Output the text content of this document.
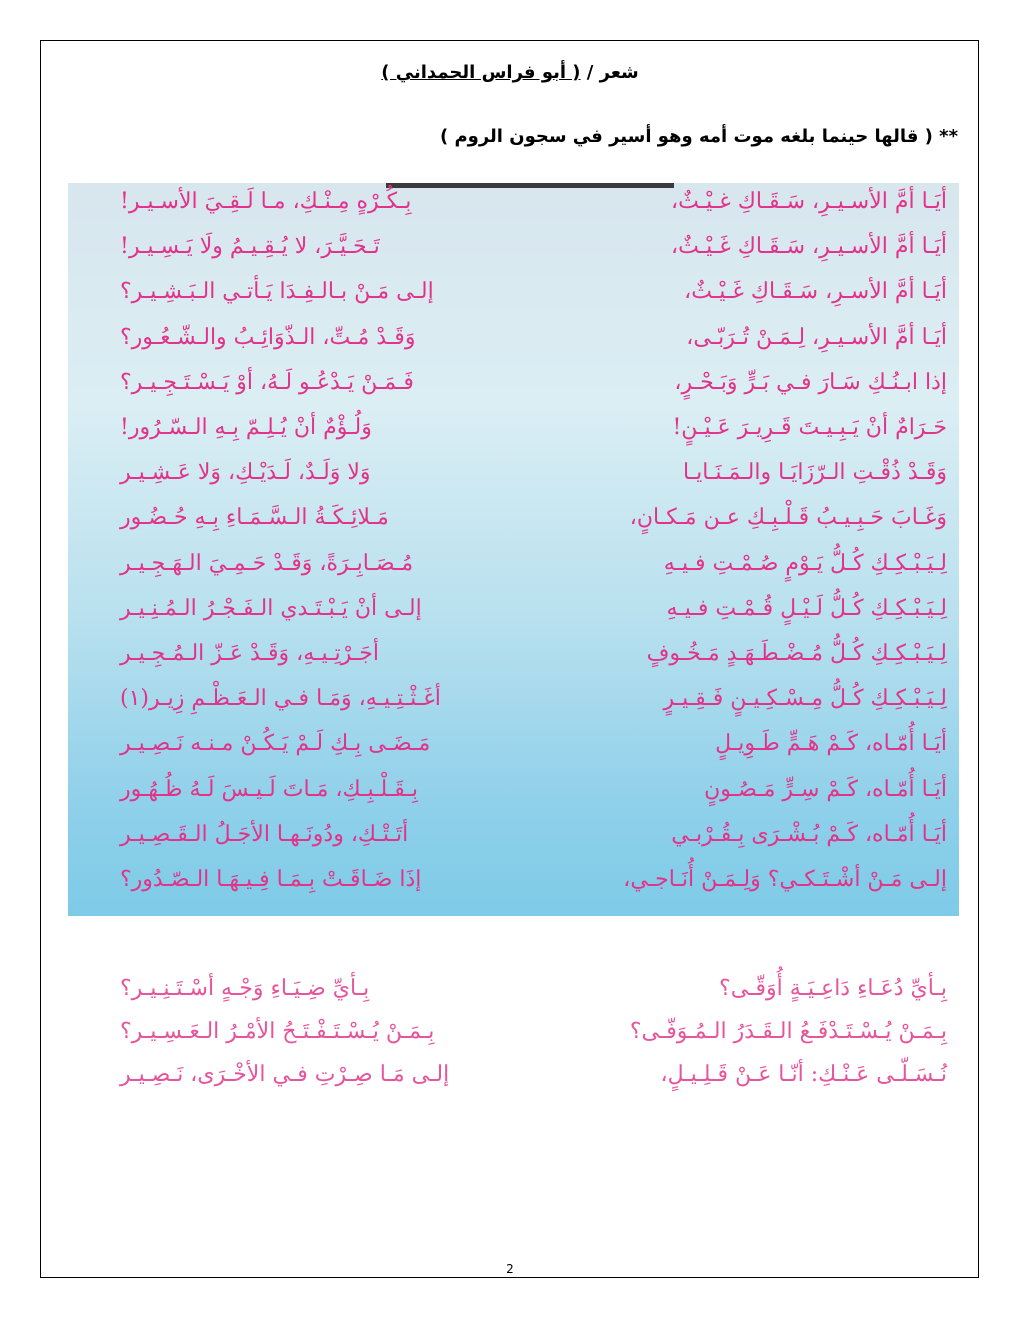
شعر / ( أبو فراس الحمداني )
** ( قالها حينما بلغه موت أمه وهو أسير في سجون الروم )
أيَـا أمَّ الأسـيـرِ، سَـقَـاكِ غـيْـثٌ،
بِـكُـرْهٍ مِـنْـكِ، مـا لَـقِـيَ الأسـيـر!
أيَـا أمَّ الأسـيـرِ، سَـقَـاكِ غَـيْـثٌ،
تَـحَـيَّـرَ، لا يُـقِـيـمُ ولَا يَـسِـيـر!
أيَـا أمَّ الأسـرِ، سَـقَـاكِ غَـيْـثٌ،
إلـى مَـنْ بـالـفِـدَا يَـأتـي الـبَـشِـيـر؟
أيَـا أمَّ الأسـيـرِ، لِـمَـنْ تُـرَبّـى،
وَقَـدْ مُـتِّ، الـذّوَائِـبُ والـشّـعُـور؟
إذا ابـنُـكِ سَـارَ فـي بَـرٍّ وَبَـحْـرٍ،
فَـمَـنْ يَـدْعُـو لَـهُ، أوْ يَـسْـتَـجِـيـر؟
حَـرَامٌ أنْ يَـبِـيـتَ قَـرِيـرَ عَـيْـنٍ!
وَلُـؤْمٌ أنْ يُـلِـمّ بِـهِ الـسّـرُور!
وَقَـدْ ذُقْـتِ الـرّزَايَـا والـمَـنَـايـا
وَلا وَلَـدٌ، لَـدَيْـكِ، وَلا عَـشِـيـر
وَغَـابَ حَـبِـيـبُ قَـلْـبِـكِ عـن مَـكـانٍ،
مَـلائِـكَـةُ الـسَّـمَـاءِ بِـهِ حُـضُـور
لِـيَـبْـكِـكِ كُـلُّ يَـوْمٍ صُـمْـتِ فـيـهِ
مُـصَـابِـرَةً، وَقَـدْ حَـمِـيَ الـهَـجِـيـر
لِـيَـبْـكِـكِ كُـلُّ لَـيْـلٍ قُـمْـتِ فـيـهِ
إلـى أنْ يَـبْـتَـدي الـفَـجْـرُ الـمُـنِـيـر
لِـيَـبْـكِـكِ كُـلُّ مُـضْـطَـهَـدٍ مَـخُـوفٍ
أجَـرْتِـيـهِ، وَقَـدْ عَـزّ الـمُـجِـيـر
لِـيَـبْـكِـكِ كُـلُّ مِـسْـكِـيـنٍ فَـقِـيـرٍ
أغَـثْـتِـيـهِ، وَمَـا فـي الـعَـظْـمِ زِيـر(١)
أيَـا أُمّـاه، كَـمْ هَـمٍّ طَـوِيـلٍ
مَـضَـى بِـكِ لَـمْ يَـكُـنْ مـنـه نَـصِـيـر
أيَـا أُمّـاه، كَـمْ سِـرٍّ مَـصُـونٍ
بِـقَـلْـبِـكِ، مَـاتَ لَـيـسَ لَـهُ ظُـهُـور
أيَـا أُمّـاه، كَـمْ بُـشْـرَى بِـقُـرْبـي
أتَـتْـكِ، ودُونَـهـا الأجَـلُ الـقَـصِـيـر
إلـى مَـنْ أشْـتَـكـي؟ وَلِـمَـنْ أُنَـاجـي،
إذَا ضَـاقَـتْ بِـمَـا فِـيـهَـا الـصّـدُور؟
بِـأيِّ دُعَـاءِ دَاعِـيَـةٍ أُوَقّـى؟
بِـأيِّ ضِـيَـاءِ وَجْـهٍ أسْـتَـنِـيـر؟
بِـمَـنْ يُـسْـتَـدْفَـعُ الـقَـدَرُ الـمُـوَفّـى؟
بِـمَـنْ يُـسْـتَـفْـتَـحُ الأمْـرُ الـعَـسِـيـر؟
نُـسَـلّـى عَـنْـكِ: أنّـا عَـنْ قَـلِـيـلٍ،
إلـى مَـا صِـرْتِ فـي الأخْـرَى، نَـصِـيـر
2
